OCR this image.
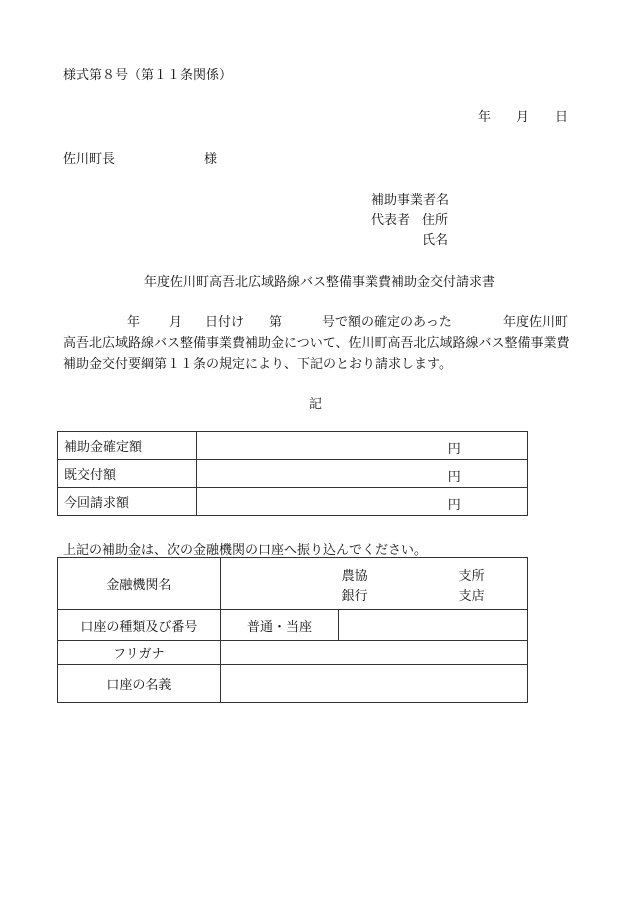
様式第８号（第１１条関係）
年 月 日
佐川町長	様
補助事業者名
代表者 住所
氏名
年度佐川町高吾北広域路線バス整備事業費補助金交付請求書
年 月 日付け 第	号で額の確定のあった	年度佐川町
高吾北広域路線バス整備事業費補助金について、佐川町高吾北広域路線バス整備事業費
補助金交付要綱第１１条の規定により、下記のとおり請求します。
記
補助金確定額	円

既交付額	円

今回請求額	円
上記の補助金は、次の金融機関の口座へ振り込んでください。
金融機関名	農協 支所
銀行 支店	

口座の種類及び番号	普通・当座	
フリガナ		
口座の名義		
